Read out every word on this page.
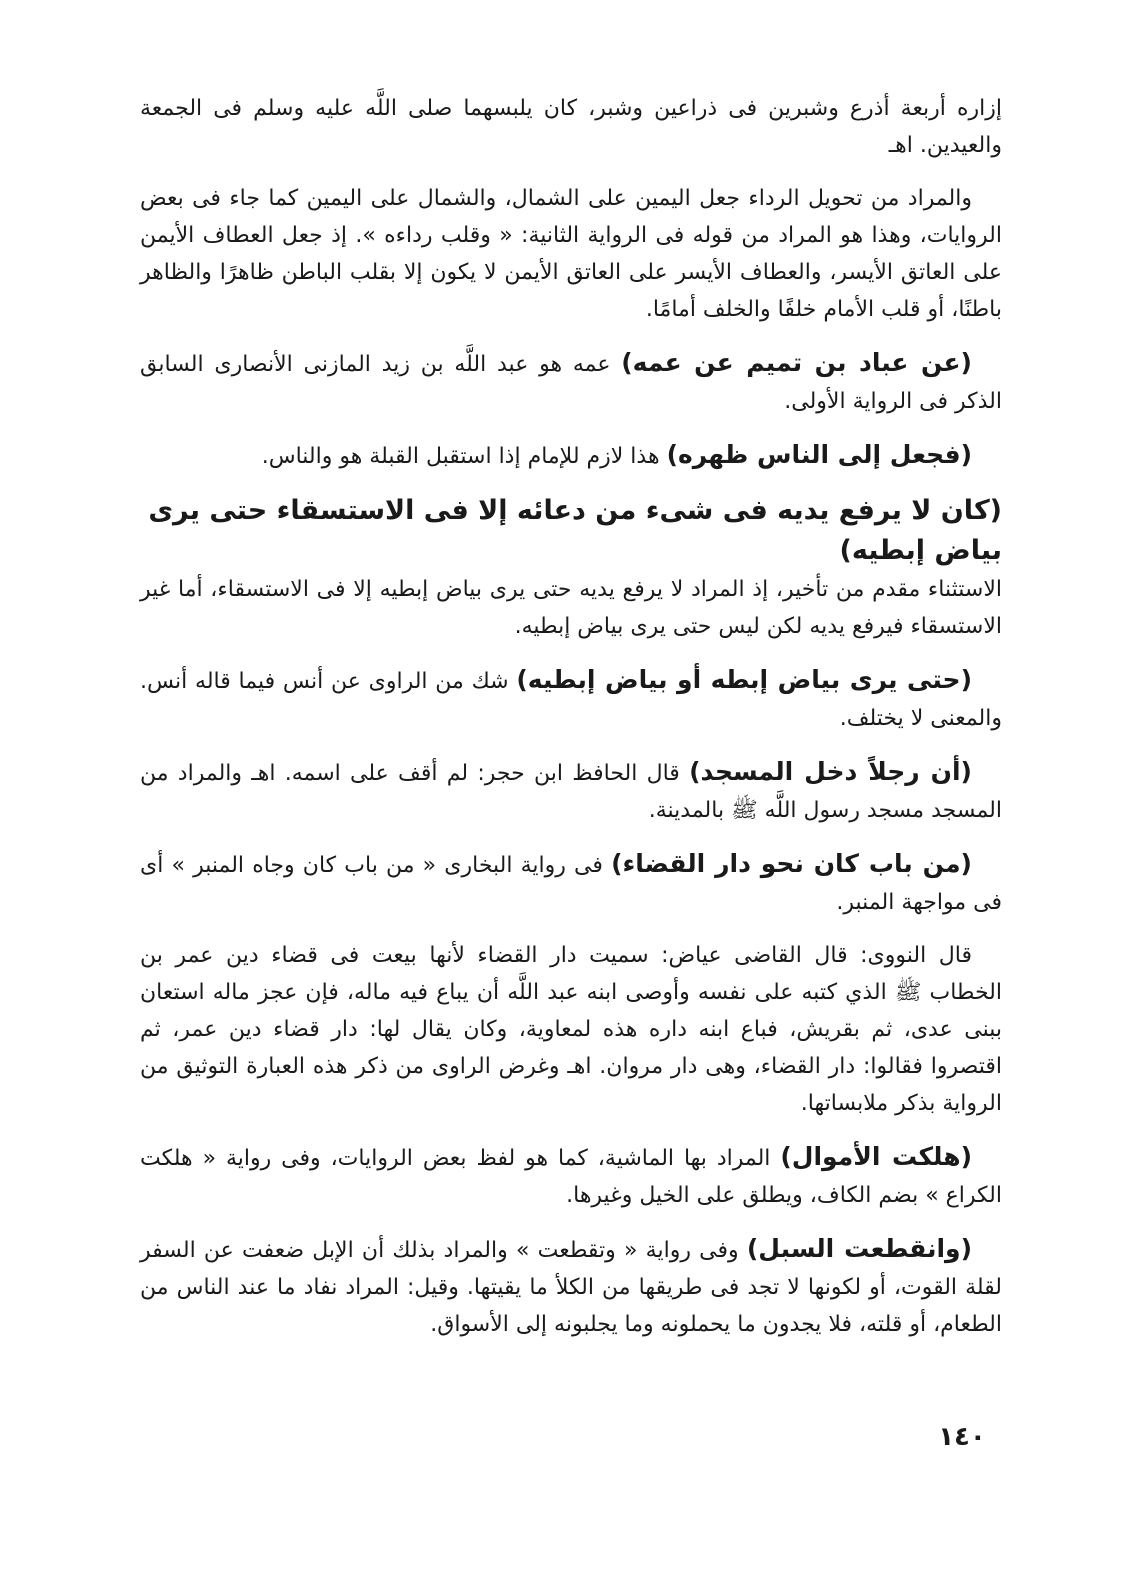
إزاره أربعة أذرع وشبرين فى ذراعين وشبر، كان يلبسهما صلى اللَّه عليه وسلم فى الجمعة والعيدين. اهـ

والمراد من تحويل الرداء جعل اليمين على الشمال، والشمال على اليمين كما جاء فى بعض الروايات، وهذا هو المراد من قوله فى الرواية الثانية: « وقلب رداءه ». إذ جعل العطاف الأيمن على العاتق الأيسر، والعطاف الأيسر على العاتق الأيمن لا يكون إلا بقلب الباطن ظاهرًا والظاهر باطنًا، أو قلب الأمام خلفًا والخلف أمامًا.

(عن عباد بن تميم عن عمه) عمه هو عبد اللَّه بن زيد المازنى الأنصارى السابق الذكر فى الرواية الأولى.

(فجعل إلى الناس ظهره) هذا لازم للإمام إذا استقبل القبلة هو والناس.

(كان لا يرفع يديه فى شىء من دعائه إلا فى الاستسقاء حتى يرى بياض إبطيه)

الاستثناء مقدم من تأخير، إذ المراد لا يرفع يديه حتى يرى بياض إبطيه إلا فى الاستسقاء، أما غير الاستسقاء فيرفع يديه لكن ليس حتى يرى بياض إبطيه.

(حتى يرى بياض إبطه أو بياض إبطيه) شك من الراوى عن أنس فيما قاله أنس. والمعنى لا يختلف.

(أن رجلاً دخل المسجد) قال الحافظ ابن حجر: لم أقف على اسمه. اهـ والمراد من المسجد مسجد رسول اللَّه ﷺ بالمدينة.

(من باب كان نحو دار القضاء) فى رواية البخارى « من باب كان وجاه المنبر » أى فى مواجهة المنبر.

قال النووى: قال القاضى عياض: سميت دار القضاء لأنها بيعت فى قضاء دين عمر بن الخطاب ﷺ الذي كتبه على نفسه وأوصى ابنه عبد اللَّه أن يباع فيه ماله، فإن عجز ماله استعان ببنى عدى، ثم بقريش، فباع ابنه داره هذه لمعاوية، وكان يقال لها: دار قضاء دين عمر، ثم اقتصروا فقالوا: دار القضاء، وهى دار مروان. اهـ وغرض الراوى من ذكر هذه العبارة التوثيق من الرواية بذكر ملابساتها.

(هلكت الأموال) المراد بها الماشية، كما هو لفظ بعض الروايات، وفى رواية « هلكت الكراع » بضم الكاف، ويطلق على الخيل وغيرها.

(وانقطعت السبل) وفى رواية « وتقطعت » والمراد بذلك أن الإبل ضعفت عن السفر لقلة القوت، أو لكونها لا تجد فى طريقها من الكلأ ما يقيتها. وقيل: المراد نفاد ما عند الناس من الطعام، أو قلته، فلا يجدون ما يحملونه وما يجلبونه إلى الأسواق.

١٤٠
